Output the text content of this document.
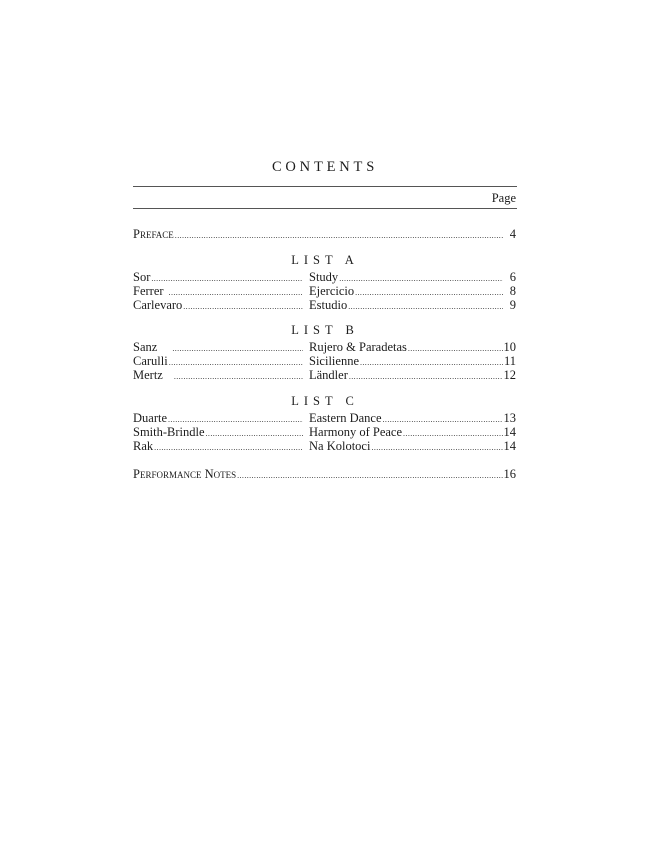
CONTENTS
Page
Preface .....	4
LIST A
Sor .....	Study .....	6
Ferrer .....	Ejercicio .....	8
Carlevaro .....	Estudio .....	9
LIST B
Sanz .....	Rujero & Paradetas .....	10
Carulli .....	Sicilienne .....	11
Mertz .....	Ländler .....	12
LIST C
Duarte .....	Eastern Dance .....	13
Smith-Brindle .....	Harmony of Peace .....	14
Rak .....	Na Kolotoci .....	14
Performance Notes .....	16
